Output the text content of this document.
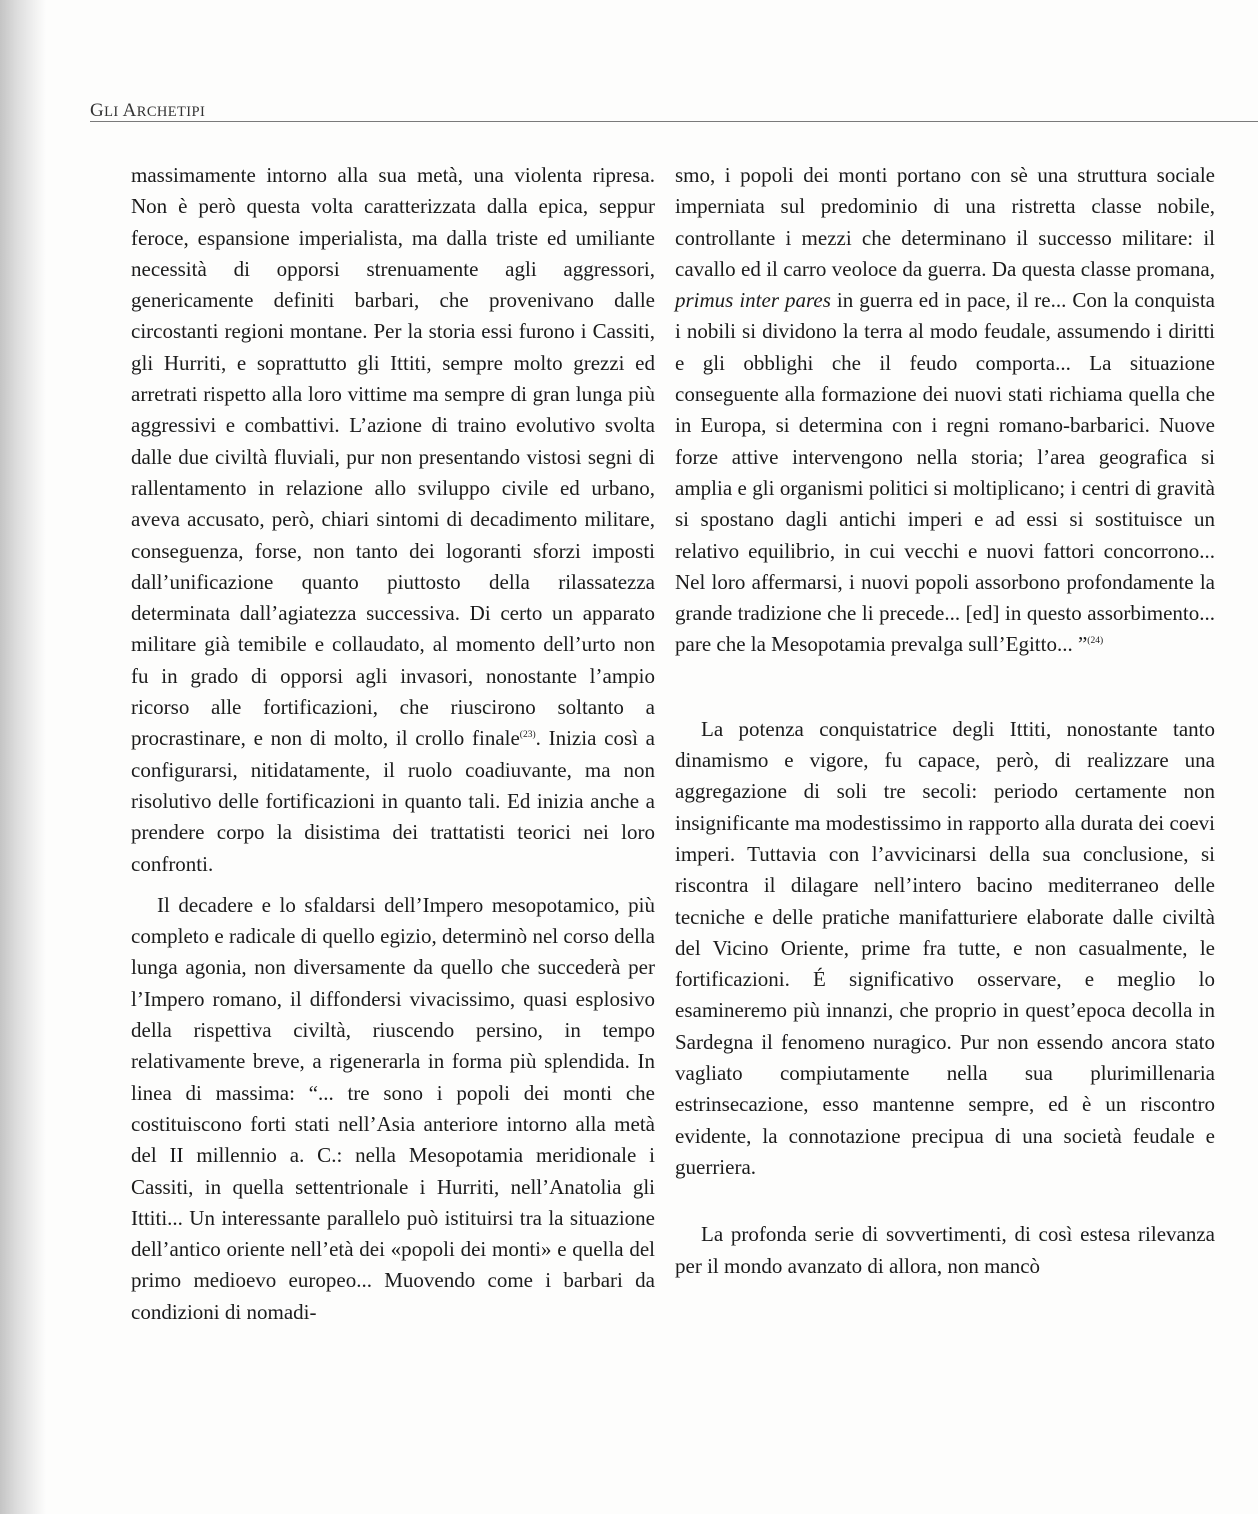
GLI ARCHETIPI

massimamente intorno alla sua metà, una violenta ripresa. Non è però questa volta caratterizzata dalla epica, seppur feroce, espansione imperialista, ma dalla triste ed umiliante necessità di opporsi strenuamente agli aggressori, genericamente definiti barbari, che provenivano dalle circostanti regioni montane. Per la storia essi furono i Cassiti, gli Hurriti, e soprattutto gli Ittiti, sempre molto grezzi ed arretrati rispetto alla loro vittime ma sempre di gran lunga più aggressivi e combattivi. L’azione di traino evolutivo svolta dalle due civiltà fluviali, pur non presentando vistosi segni di rallentamento in relazione allo sviluppo civile ed urbano, aveva accusato, però, chiari sintomi di decadimento militare, conseguenza, forse, non tanto dei logoranti sforzi imposti dall’unificazione quanto piuttosto della rilassatezza determinata dall’agiatezza successiva. Di certo un apparato militare già temibile e collaudato, al momento dell’urto non fu in grado di opporsi agli invasori, nonostante l’ampio ricorso alle fortificazioni, che riuscirono soltanto a procrastinare, e non di molto, il crollo finale$^{(23)}$. Inizia così a configurarsi, nitidatamente, il ruolo coadiuvante, ma non risolutivo delle fortificazioni in quanto tali. Ed inizia anche a prendere corpo la disistima dei trattatisti teorici nei loro confronti.

Il decadere e lo sfaldarsi dell’Impero mesopotamico, più completo e radicale di quello egizio, determinò nel corso della lunga agonia, non diversamente da quello che succederà per l’Impero romano, il diffondersi vivacissimo, quasi esplosivo della rispettiva civiltà, riuscendo persino, in tempo relativamente breve, a rigenerarla in forma più splendida. In linea di massima: “... tre sono i popoli dei monti che costituiscono forti stati nell’Asia anteriore intorno alla metà del II millennio a. C.: nella Mesopotamia meridionale i Cassiti, in quella settentrionale i Hurriti, nell’Anatolia gli Ittiti... Un interessante parallelo può istituirsi tra la situazione dell’antico oriente nell’età dei «popoli dei monti» e quella del primo medioevo europeo... Muovendo come i barbari da condizioni di nomadi-

smo, i popoli dei monti portano con sè una struttura sociale imperniata sul predominio di una ristretta classe nobile, controllante i mezzi che determinano il successo militare: il cavallo ed il carro veoloce da guerra. Da questa classe promana, primus inter pares in guerra ed in pace, il re... Con la conquista i nobili si dividono la terra al modo feudale, assumendo i diritti e gli obblighi che il feudo comporta... La situazione conseguente alla formazione dei nuovi stati richiama quella che in Europa, si determina con i regni romano-barbarici. Nuove forze attive intervengono nella storia; l’area geografica si amplia e gli organismi politici si moltiplicano; i centri di gravità si spostano dagli antichi imperi e ad essi si sostituisce un relativo equilibrio, in cui vecchi e nuovi fattori concorrono... Nel loro affermarsi, i nuovi popoli assorbono profondamente la grande tradizione che li precede... [ed] in questo assorbimento... pare che la Mesopotamia prevalga sull’Egitto... ”$^{(24)}$

La potenza conquistatrice degli Ittiti, nonostante tanto dinamismo e vigore, fu capace, però, di realizzare una aggregazione di soli tre secoli: periodo certamente non insignificante ma modestissimo in rapporto alla durata dei coevi imperi. Tuttavia con l’avvicinarsi della sua conclusione, si riscontra il dilagare nell’intero bacino mediterraneo delle tecniche e delle pratiche manifatturiere elaborate dalle civiltà del Vicino Oriente, prime fra tutte, e non casualmente, le fortificazioni. É significativo osservare, e meglio lo esamineremo più innanzi, che proprio in quest’epoca decolla in Sardegna il fenomeno nuragico. Pur non essendo ancora stato vagliato compiutamente nella sua plurimillenaria estrinsecazione, esso mantenne sempre, ed è un riscontro evidente, la connotazione precipua di una società feudale e guerriera.

La profonda serie di sovvertimenti, di così estesa rilevanza per il mondo avanzato di allora, non mancò
